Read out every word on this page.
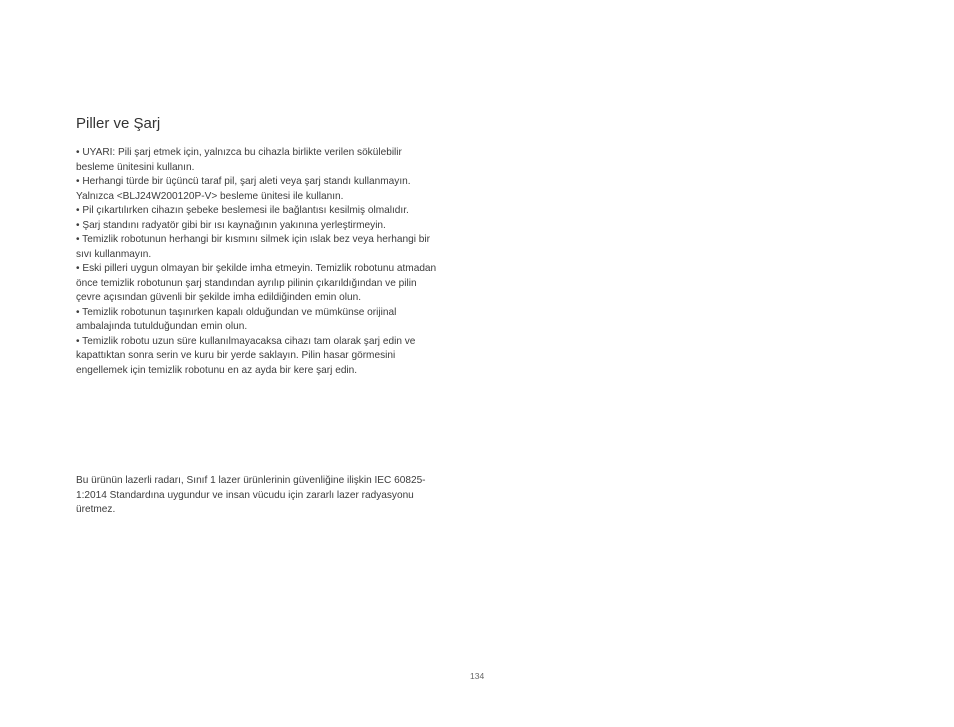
Piller ve Şarj

• UYARI: Pili şarj etmek için, yalnızca bu cihazla birlikte verilen sökülebilir besleme ünitesini kullanın.

• Herhangi türde bir üçüncü taraf pil, şarj aleti veya şarj standı kullanmayın. Yalnızca <BLJ24W200120P-V> besleme ünitesi ile kullanın.

• Pil çıkartılırken cihazın şebeke beslemesi ile bağlantısı kesilmiş olmalıdır.

• Şarj standını radyatör gibi bir ısı kaynağının yakınına yerleştirmeyin.

• Temizlik robotunun herhangi bir kısmını silmek için ıslak bez veya herhangi bir sıvı kullanmayın.

• Eski pilleri uygun olmayan bir şekilde imha etmeyin. Temizlik robotunu atmadan önce temizlik robotunun şarj standından ayrılıp pilinin çıkarıldığından ve pilin çevre açısından güvenli bir şekilde imha edildiğinden emin olun.

• Temizlik robotunun taşınırken kapalı olduğundan ve mümkünse orijinal ambalajında tutulduğundan emin olun.

• Temizlik robotu uzun süre kullanılmayacaksa cihazı tam olarak şarj edin ve kapattıktan sonra serin ve kuru bir yerde saklayın. Pilin hasar görmesini engellemek için temizlik robotunu en az ayda bir kere şarj edin.

Bu ürünün lazerli radarı, Sınıf 1 lazer ürünlerinin güvenliğine ilişkin IEC 60825-1:2014 Standardına uygundur ve insan vücudu için zararlı lazer radyasyonu üretmez.

134
